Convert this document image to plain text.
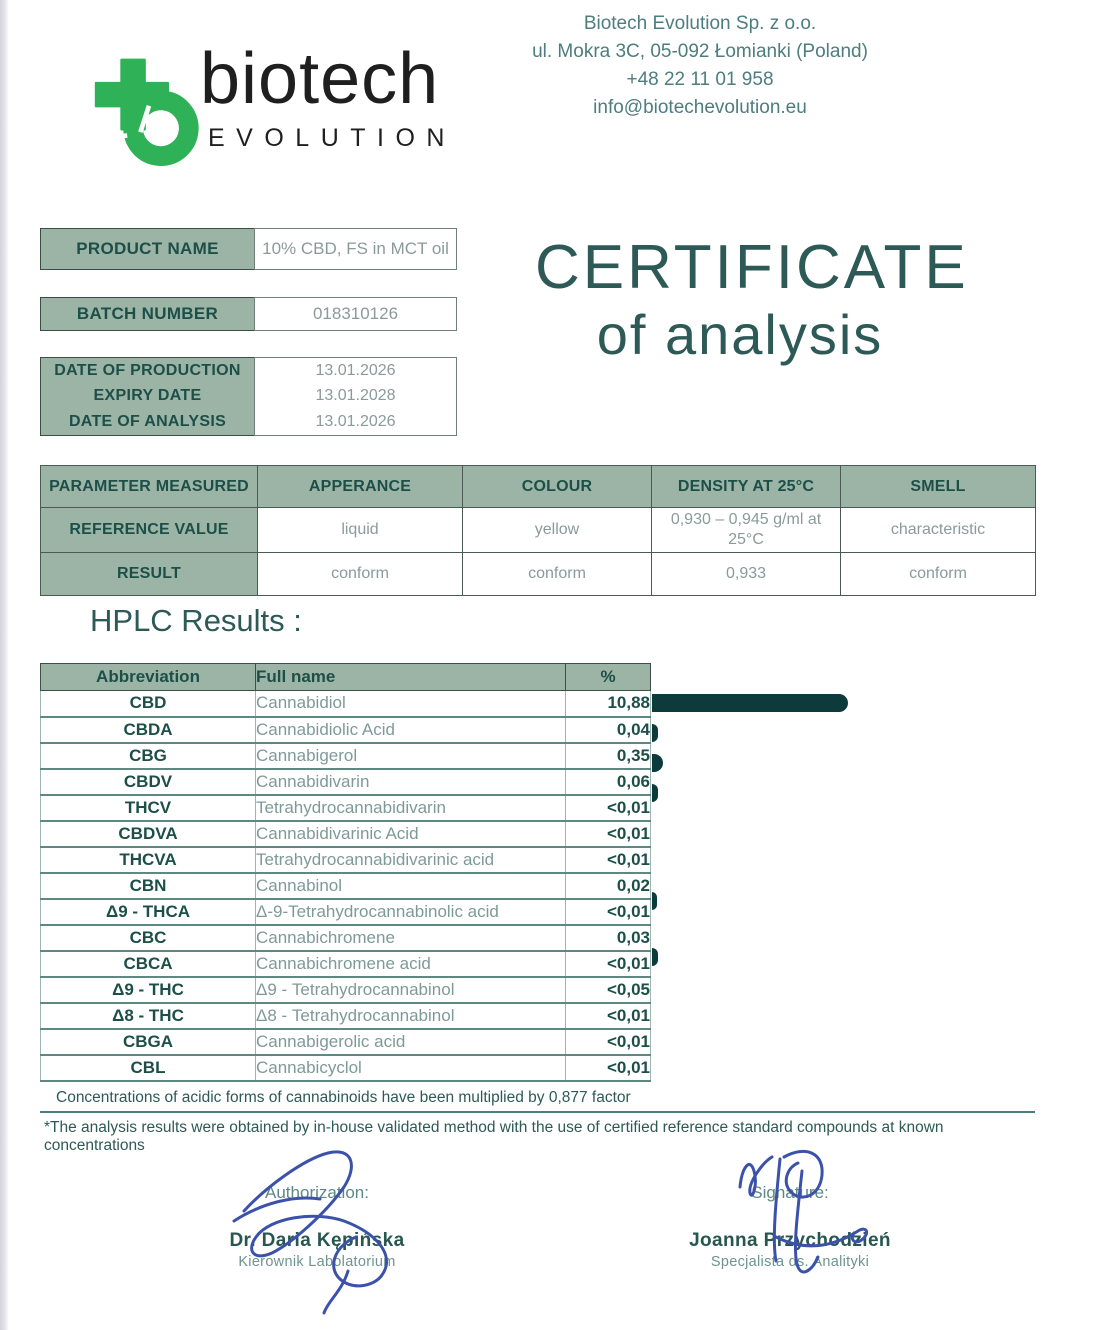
biotech
EVOLUTION
Biotech Evolution Sp. z o.o.
ul. Mokra 3C, 05-092 Łomianki (Poland)
+48 22 11 01 958
info@biotechevolution.eu
CERTIFICATE
of analysis
PRODUCT NAME	10% CBD, FS in MCT oil
BATCH NUMBER	018310126
DATE OF PRODUCTION	13.01.2026
EXPIRY DATE	13.01.2028
DATE OF ANALYSIS	13.01.2026
PARAMETER MEASURED	APPERANCE	COLOUR	DENSITY AT 25°C	SMELL
REFERENCE VALUE	liquid	yellow	0,930 – 0,945 g/ml at 25°C	characteristic
RESULT	conform	conform	0,933	conform
HPLC Results :
Abbreviation	Full name	%
CBD	Cannabidiol	10,88
CBDA	Cannabidiolic Acid	0,04
CBG	Cannabigerol	0,35
CBDV	Cannabidivarin	0,06
THCV	Tetrahydrocannabidivarin	<0,01
CBDVA	Cannabidivarinic Acid	<0,01
THCVA	Tetrahydrocannabidivarinic acid	<0,01
CBN	Cannabinol	0,02
Δ9 - THCA	Δ-9-Tetrahydrocannabinolic acid	<0,01
CBC	Cannabichromene	0,03
CBCA	Cannabichromene acid	<0,01
Δ9 - THC	Δ9 - Tetrahydrocannabinol	<0,05
Δ8 - THC	Δ8 - Tetrahydrocannabinol	<0,01
CBGA	Cannabigerolic acid	<0,01
CBL	Cannabicyclol	<0,01
Concentrations of acidic forms of cannabinoids have been multiplied by 0,877 factor
*The analysis results were obtained by in-house validated method with the use of certified reference standard compounds at known concentrations
Authorization:
Dr. Daria Kępińska
Kierownik Labolatorium
Signature:
Joanna Przychodzień
Specjalista ds. Analityki
